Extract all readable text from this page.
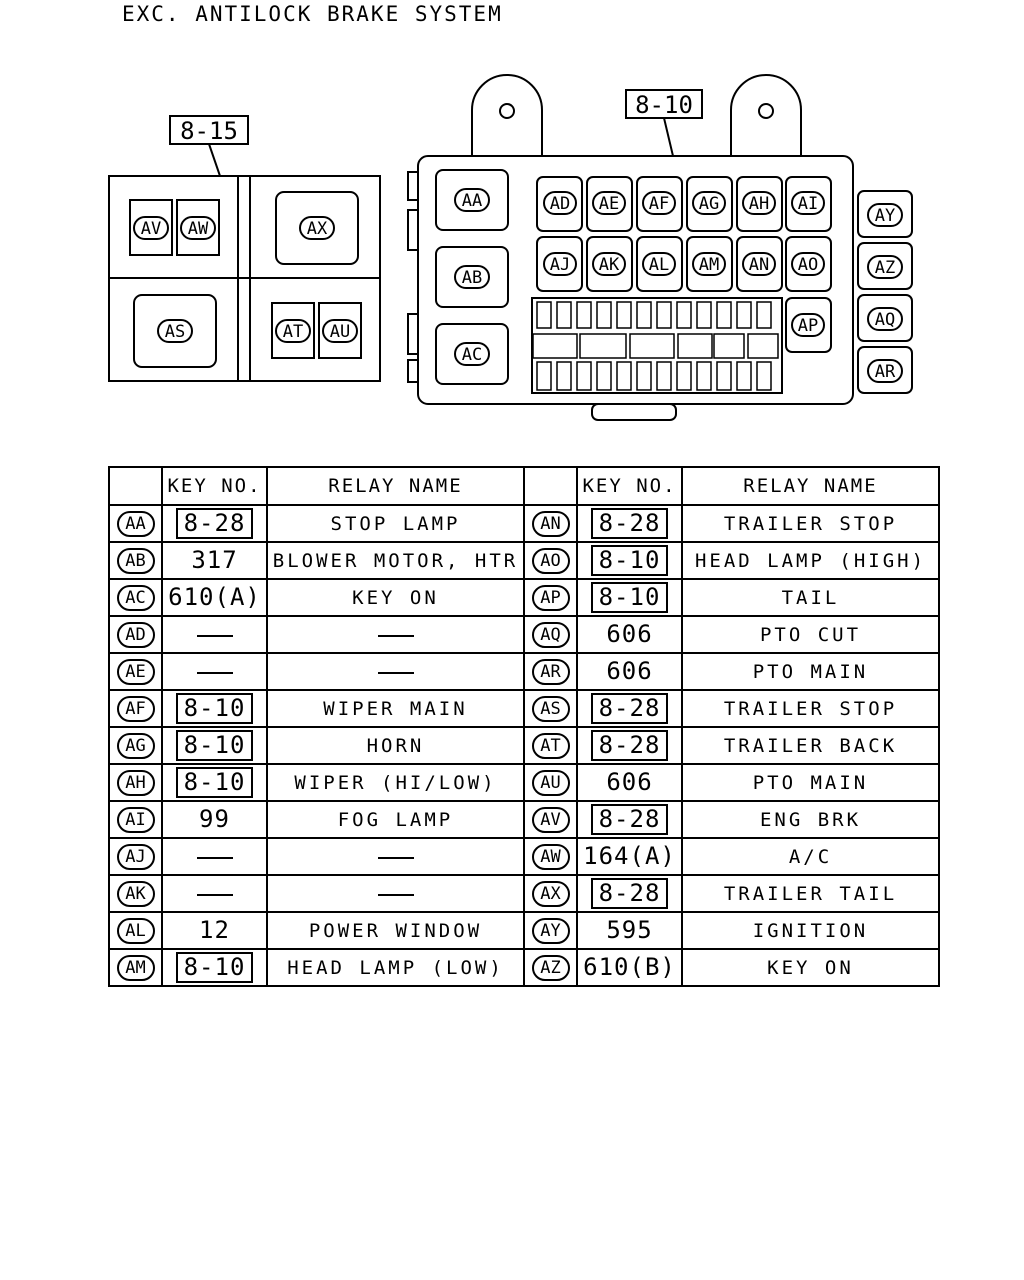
EXC. ANTILOCK BRAKE SYSTEM
8-15
AS	AT AU
AV AW	AX
8-10
AA
AB
AC
AD AE AF AG AH AI
AJ AK AL AM AN AO
AP	AQ
AR
AY
AZ
	KEY NO.	RELAY NAME		KEY NO.	RELAY NAME
AA	8-28	STOP LAMP	AN	8-28	TRAILER STOP
AB	317	BLOWER MOTOR, HTR	AO	8-10	HEAD LAMP (HIGH)
AC	610(A)	KEY ON	AP	8-10	TAIL
AD			AQ	606	PTO CUT
AE			AR	606	PTO MAIN
AF	8-10	WIPER MAIN	AS	8-28	TRAILER STOP
AG	8-10	HORN	AT	8-28	TRAILER BACK
AH	8-10	WIPER (HI/LOW)	AU	606	PTO MAIN
AI	99	FOG LAMP	AV	8-28	ENG BRK
AJ			AW	164(A)	A/C
AK			AX	8-28	TRAILER TAIL
AL	12	POWER WINDOW	AY	595	IGNITION
AM	8-10	HEAD LAMP (LOW)	AZ	610(B)	KEY ON
